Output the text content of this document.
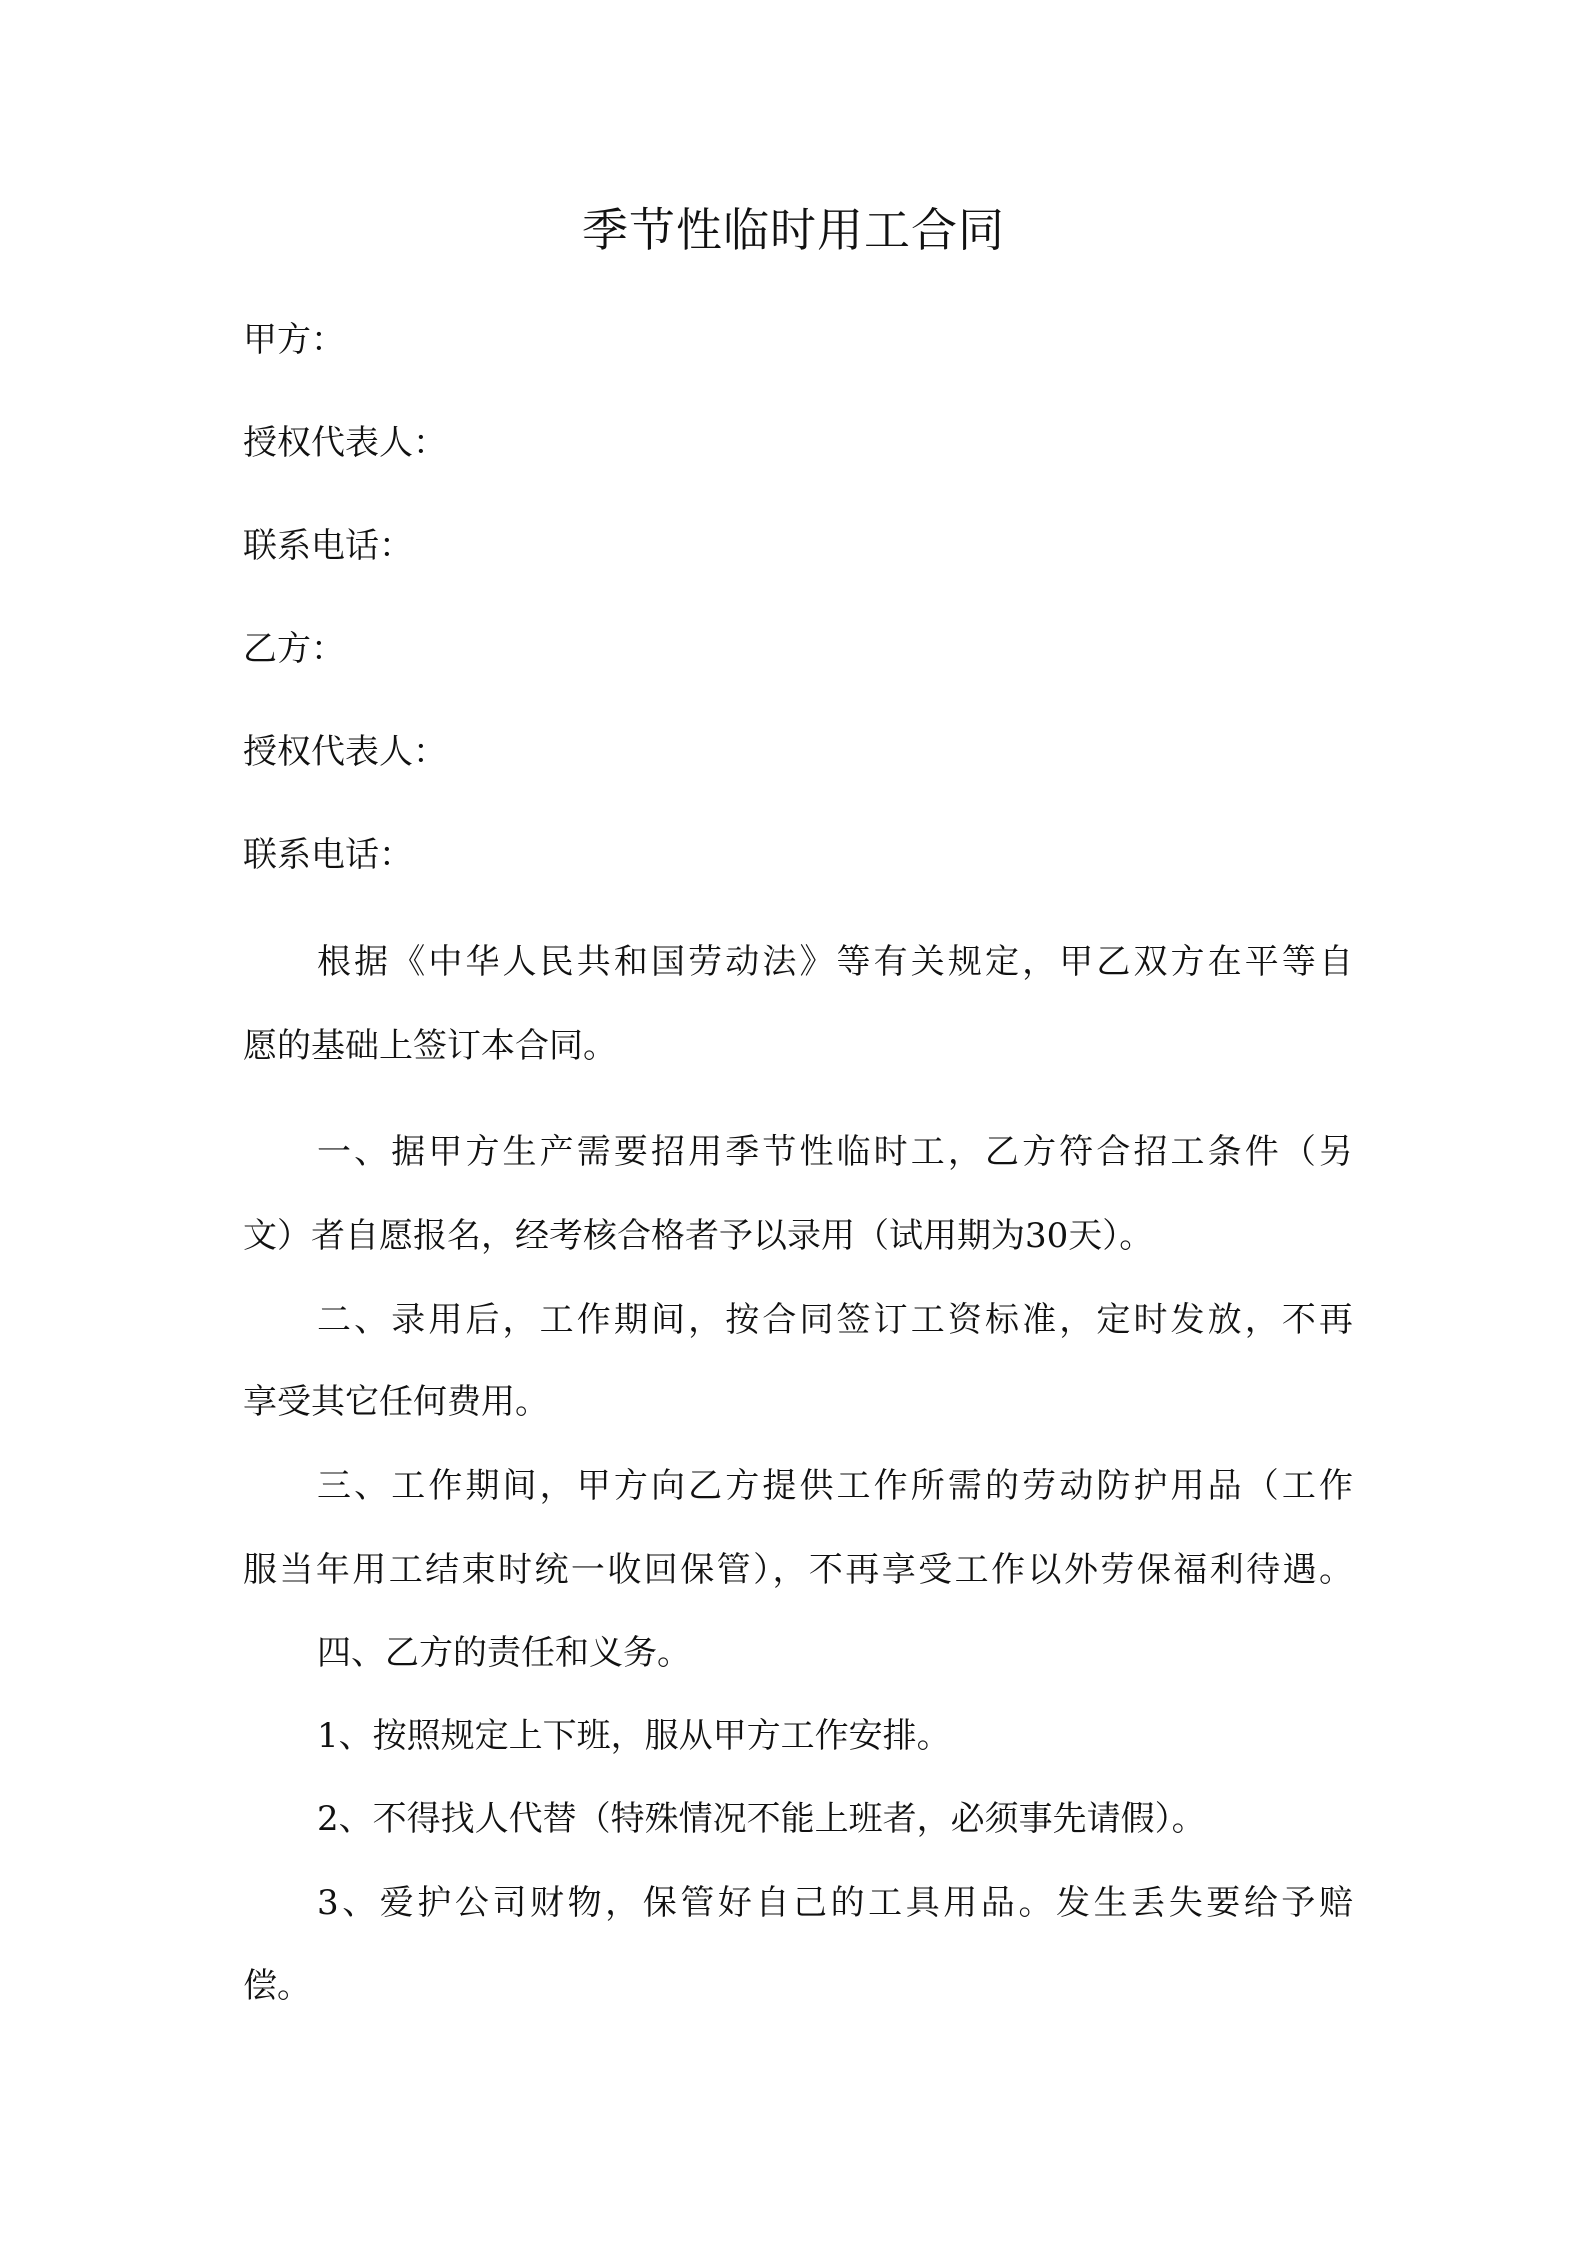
季节性临时用工合同
甲方：
授权代表人：
联系电话：
乙方：
授权代表人：
联系电话：
根据《中华人民共和国劳动法》等有关规定，甲乙双方在平等自
愿的基础上签订本合同。
一、据甲方生产需要招用季节性临时工，乙方符合招工条件（另
文）者自愿报名，经考核合格者予以录用（试用期为30天）。
二、录用后，工作期间，按合同签订工资标准，定时发放，不再
享受其它任何费用。
三、工作期间，甲方向乙方提供工作所需的劳动防护用品（工作
服当年用工结束时统一收回保管），不再享受工作以外劳保福利待遇。
四、乙方的责任和义务。
1、按照规定上下班，服从甲方工作安排。
2、不得找人代替（特殊情况不能上班者，必须事先请假）。
3、爱护公司财物，保管好自己的工具用品。发生丢失要给予赔
偿。
